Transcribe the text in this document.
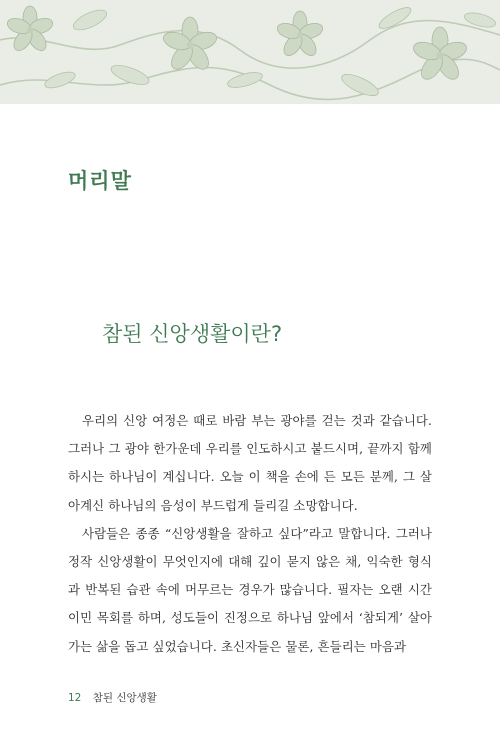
머리말
참된 신앙생활이란?

우리의 신앙 여정은 때로 바람 부는 광야를 걷는 것과 같습니다. 그러나 그 광야 한가운데 우리를 인도하시고 붙드시며, 끝까지 함께하시는 하나님이 계십니다. 오늘 이 책을 손에 든 모든 분께, 그 살아계신 하나님의 음성이 부드럽게 들리길 소망합니다.

사람들은 종종 “신앙생활을 잘하고 싶다”라고 말합니다. 그러나 정작 신앙생활이 무엇인지에 대해 깊이 묻지 않은 채, 익숙한 형식과 반복된 습관 속에 머무르는 경우가 많습니다. 필자는 오랜 시간 이민 목회를 하며, 성도들이 진정으로 하나님 앞에서 ‘참되게’ 살아가는 삶을 돕고 싶었습니다. 초신자들은 물론, 흔들리는 마음과

12 참된 신앙생활
